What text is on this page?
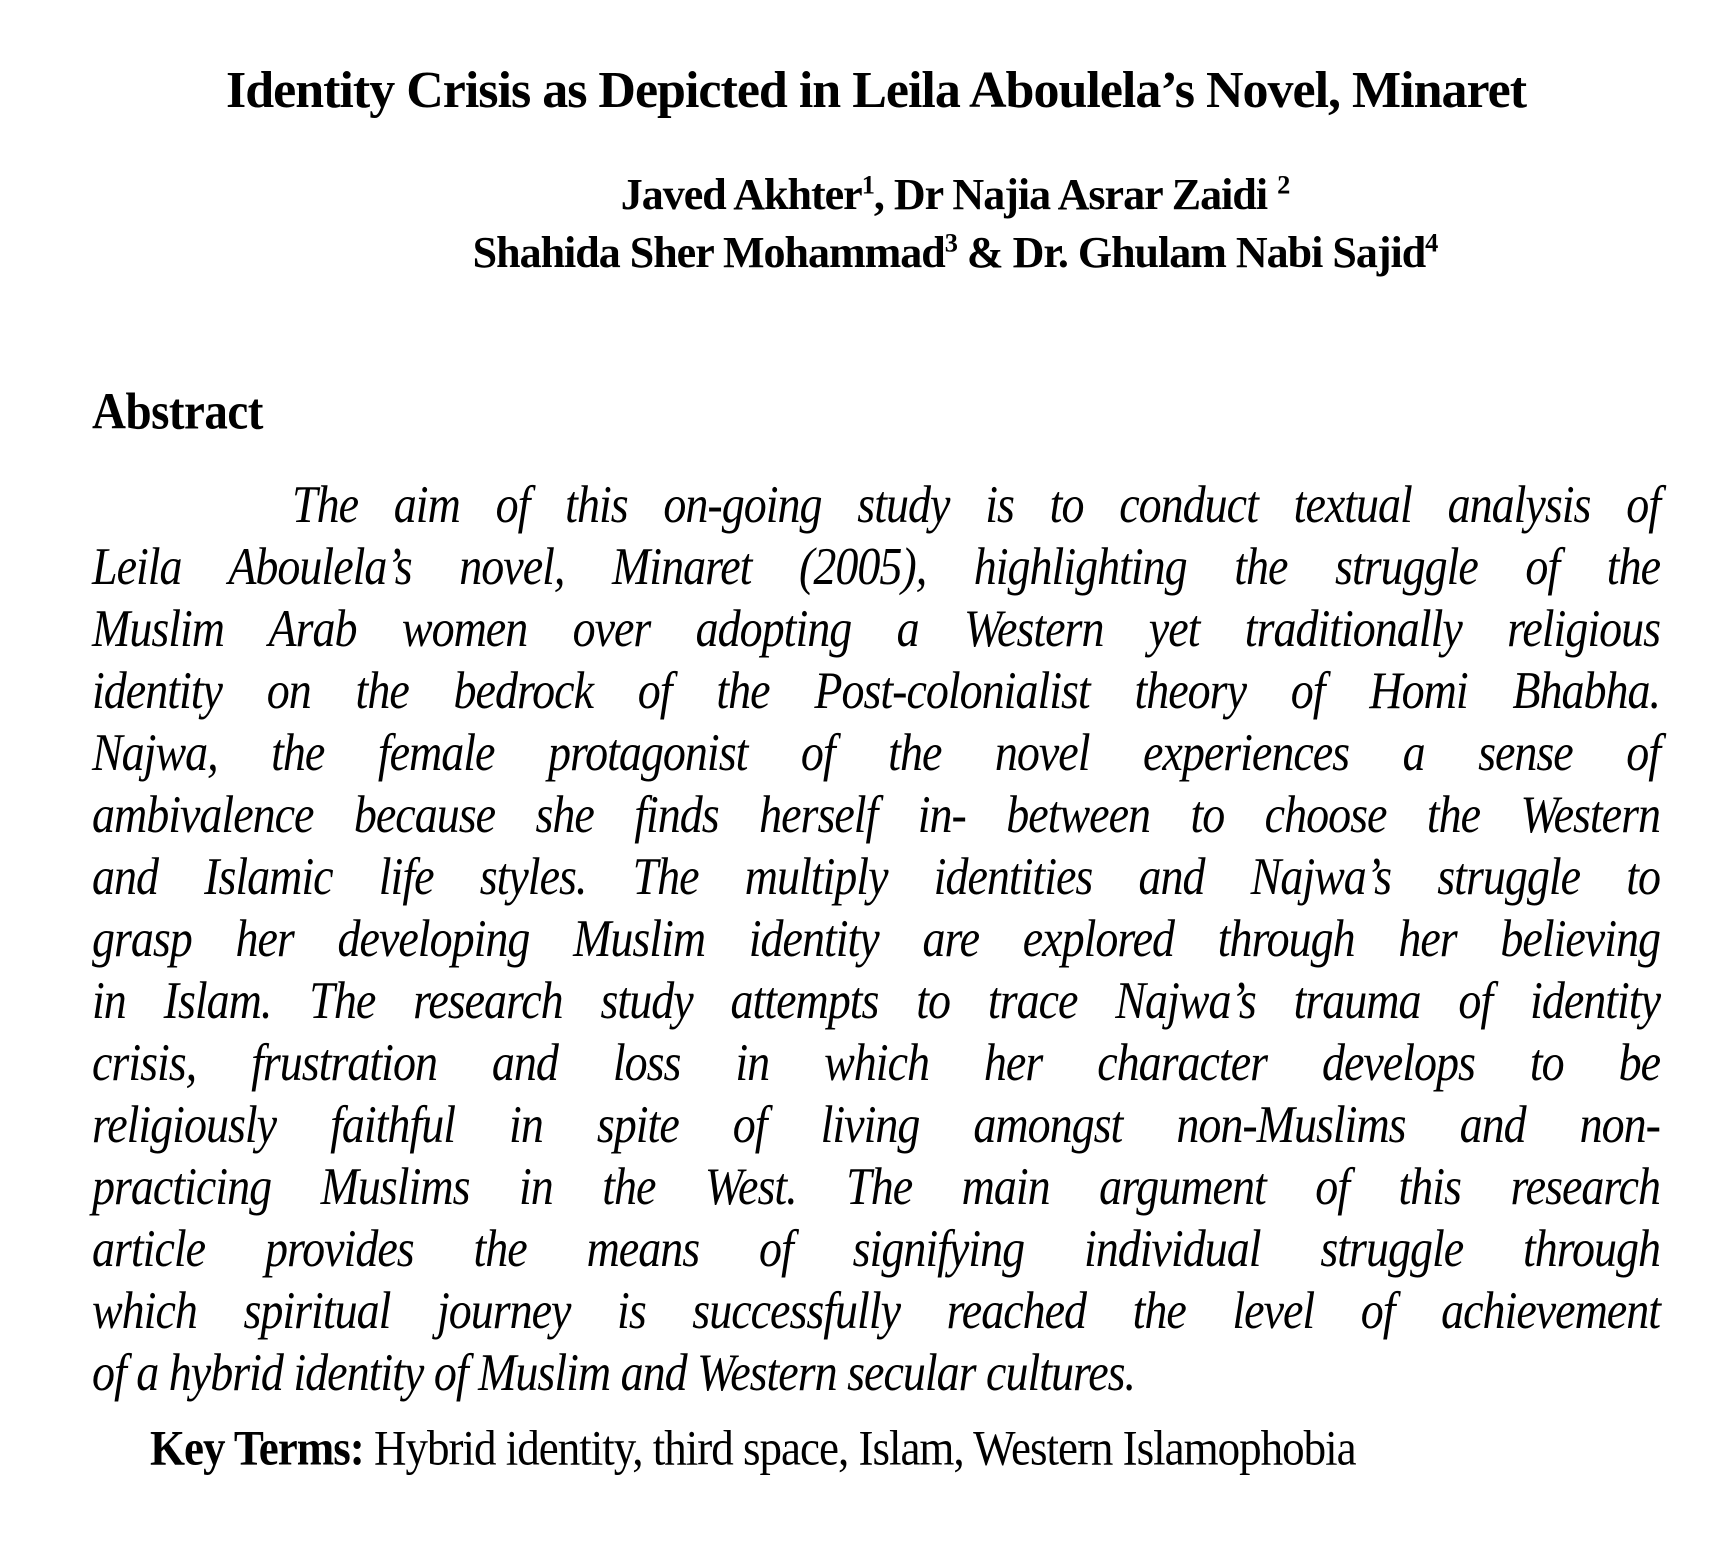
Identity Crisis as Depicted in Leila Aboulela’s Novel, Minaret
Javed Akhter$^1$, Dr Najia Asrar Zaidi $^2$
Shahida Sher Mohammad$^3$ & Dr. Ghulam Nabi Sajid$^4$
Abstract
The aim of this on-going study is to conduct textual analysis of
Leila Aboulela’s novel, Minaret (2005), highlighting the struggle of the
Muslim Arab women over adopting a Western yet traditionally religious
identity on the bedrock of the Post-colonialist theory of Homi Bhabha.
Najwa, the female protagonist of the novel experiences a sense of
ambivalence because she finds herself in- between to choose the Western
and Islamic life styles. The multiply identities and Najwa’s struggle to
grasp her developing Muslim identity are explored through her believing
in Islam. The research study attempts to trace Najwa’s trauma of identity
crisis, frustration and loss in which her character develops to be
religiously faithful in spite of living amongst non-Muslims and non-
practicing Muslims in the West. The main argument of this research
article provides the means of signifying individual struggle through
which spiritual journey is successfully reached the level of achievement
of a hybrid identity of Muslim and Western secular cultures.

Key Terms: Hybrid identity, third space, Islam, Western Islamophobia
